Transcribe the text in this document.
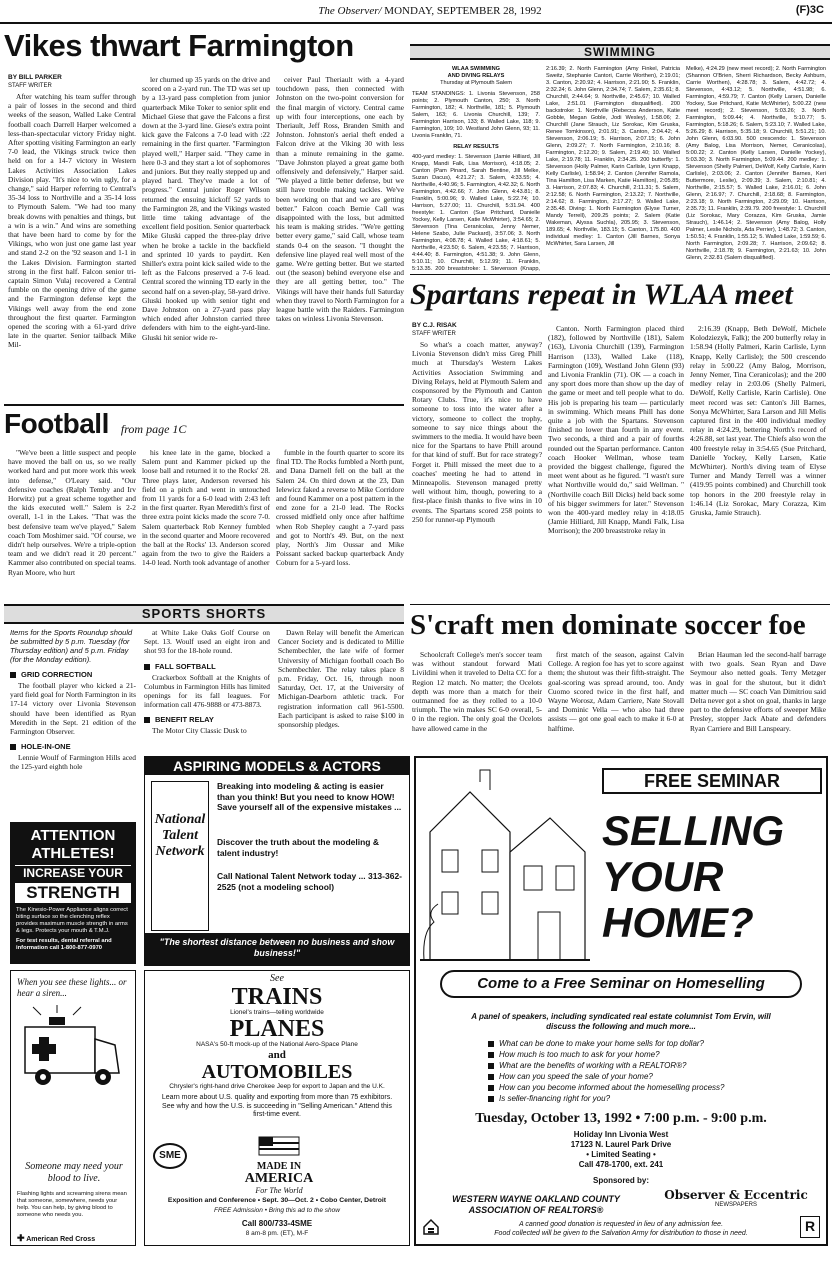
The Observer/ MONDAY, SEPTEMBER 28, 1992	(F)3C
Vikes thwart Farmington
BY BILL PARKER
STAFF WRITER
After watching his team suffer through a pair of losses in the second and third weeks of the season, Walled Lake Central football coach Darrell Harper welcomed a less-than-spectacular victory Friday night. After spotting visiting Farmington an early 7-0 lead, the Vikings struck twice then held on for a 14-7 victory in Western Lakes Activities Association Lakes Division play. "It's nice to win ugly, for a change," said Harper referring to Central's 35-34 loss to Northville and a 35-14 loss to Plymouth Salem. "We had too many break downs with penalties and things, but a win is a win." And wins are something that have been hard to come by for the Vikings, who won just one game last year and stand 2-2 on the '92 season and 1-1 in the Lakes Division. Farmington started strong in the first half. Falcon senior tri-captain Simon Vulaj recovered a Central fumble on the opening drive of the game and the Farmington defense kept the Vikings well away from the end zone throughout the first quarter. Farmington opened the scoring with a 61-yard drive late in the quarter. Senior tailback Mike Mil-
ler churned up 35 yards on the drive and scored on a 2-yard run. The TD was set up by a 13-yard pass completion from junior quarterback Mike Toker to senior split end Michael Giese that gave the Falcons a first down at the 3-yard line. Giese's extra point kick gave the Falcons a 7-0 lead with :22 remaining in the first quarter. "Farmington played well," Harper said. "They came in here 0-3 and they start a lot of sophomores and juniors. But they really stepped up and played hard. They've made a lot of progress." Central junior Roger Wilson returned the ensuing kickoff 52 yards to the Farmington 28, and the Vikings wasted little time taking advantage of the excellent field position. Senior quarterback Mike Gluski capped the three-play drive when he broke a tackle in the backfield and sprinted 10 yards to paydirt. Ken Shiller's extra point kick sailed wide to the left as the Falcons preserved a 7-6 lead. Central scored the winning TD early in the second half on a seven-play, 58-yard drive. Gluski hooked up with senior tight end Dave Johnston on a 27-yard pass play which ended after Johnston carried three defenders with him to the eight-yard-line. Gluski hit senior wide re-
ceiver Paul Theriault with a 4-yard touchdown pass, then connected with Johnston on the two-point conversion for the final margin of victory. Central came up with four interceptions, one each by Theriault, Jeff Ross, Branden Smith and Johnston. Johnston's aerial theft ended a Falcon drive at the Viking 30 with less than a minute remaining in the game. "Dave Johnston played a great game both offensively and defensively," Harper said. "We played a little better defense, but we still have trouble making tackles. We've been working on that and we are getting better." Falcon coach Bernie Call was disappointed with the loss, but admitted his team is making strides. "We're getting better every game," said Call, whose team stands 0-4 on the season. "I thought the defensive line played real well most of the game. We're getting better. But we started out (the season) behind everyone else and they are all getting better, too." The Vikings will have their hands full Saturday when they travel to North Farmington for a league battle with the Raiders. Farmington takes on winless Livonia Stevenson.
SWIMMING
WLAA SWIMMING
AND DIVING RELAYS
Thursday at Plymouth Salem
TEAM STANDINGS: 1. Livonia Stevenson, 258 points; 2. Plymouth Canton, 250; 3. North Farmington, 182; 4. Northville, 181; 5. Plymouth Salem, 163; 6. Livonia Churchill, 139; 7. Farmington Harrison, 133; 8. Walled Lake, 118; 9. Farmington, 109; 10. Westland John Glenn, 93; 11. Livonia Franklin, 71.
RELAY RESULTS
400-yard medley: 1. Stevenson (Jamie Hilliard, Jill Knapp, Mandi Falk, Lisa Morrison), 4:18.05; 2. Canton (Pam Pinard, Sarah Bentine, Jill Melke, Suzan Dacus), 4:21.27; 3. Salem, 4:33.55; 4. Northville, 4:40.96; 5. Farmington, 4:42.32; 6. North Farmington, 4:42.66; 7. John Glenn, 4:43.81; 8. Franklin, 5:00.96; 9. Walled Lake, 5:22.74; 10. Harrison, 5:27.00; 11. Churchill, 5:31.94. 400 freestyle: 1. Canton (Sue Pritchard, Danielle Yockey, Kelly Larsen, Katie McWhirter), 3:54.65; 2. Stevenson (Tina Ceranicolas, Jenny Nemer, Helene Szabo, Julie Packard), 3:57.06; 3. North Farmington, 4:08.78; 4. Walled Lake, 4:18.61; 5. Northville, 4:23.50; 6. Salem, 4:23.55; 7. Harrison, 4:44.40; 8. Farmington, 4:51.38; 9. John Glenn, 5:10.11; 10. Churchill, 5:12.99; 11. Franklin, 5:13.35. 200 breaststroke: 1. Stevenson (Knapp,
2:16.39; 2. North Farmington (Amy Finkel, Patricia Sweitz, Stephanie Cantori, Carrie Worthen), 2:19.01; 3. Canton, 2:20.92; 4. Harrison, 2:21.90; 5. Franklin, 2:32.24; 6. John Glenn, 2:34.74; 7. Salem, 2:35.61; 8. Churchill, 2:44.64; 9. Northville, 2:45.67; 10. Walled Lake, 2:51.01 (Farmington disqualified). 200 backstroke: 1. Northville (Rebecca Anderson, Katie Gobble, Megan Goble, Jodi Wesley), 1:58.06; 2. Churchill (Jane Strauch, Liz Sorokac, Kim Gruska, Renee Tomkinson), 2:01.91; 3. Canton, 2:04.42; 4. Stevenson, 2:06.19; 5. Harrison, 2:07.15; 6. John Glenn, 2:09.27; 7. North Farmington, 2:10.16; 8. Farmington, 2:12.20; 9. Salem, 2:19.40; 10. Walled Lake, 2:19.78; 11. Franklin, 2:34.25. 200 butterfly: 1. Stevenson (Holly Palmer, Karin Carlisle, Lynn Knapp, Kelly Carlisle), 1:58.94; 2. Canton (Jennifer Ramola, Tina Hamilton, Lisa Marken, Katie Hamilton), 2:05.85; 3. Harrison, 2:07.83; 4. Churchill, 2:11.31; 5. Salem, 2:12.58; 6. North Farmington, 2:13.22; 7. Northville, 2:14.62; 8. Farmington, 2:17.27; 9. Walled Lake, 2:35.48. Diving: 1. North Farmington (Elyse Turner, Mandy Terrell), 209.25 points; 2. Salem (Katie Wakeman, Alyssa Suchla), 205.95; 3. Stevenson, 189.65; 4. Northville, 183.15; 5. Canton, 175.80. 400 individual medley: 1. Canton (Jill Barnes, Sonya McWhirter, Sara Larsen, Jill
Melke), 4:24.29 (new meet record); 2. North Farmington (Shannon O'Brien, Sherri Richardson, Becky Ashburn, Carrie Worthen), 4:28.78; 3. Salem, 4:42.72; 4. Stevenson, 4:43.12; 5. Northville, 4:51.98; 6. Farmington, 4:59.79; 7. Canton (Kelly Larsen, Danielle Yockey, Sue Pritchard, Katie McWhirter), 5:00.22 (new meet record); 2. Stevenson, 5:03.26; 3. North Farmington, 5:09.44; 4. Northville, 5:10.77; 5. Farmington, 5:18.26; 6. Salem, 5:23.10; 7. Walled Lake, 5:26.29; 8. Harrison, 5:35.18; 9. Churchill, 5:51.21; 10. John Glenn, 6:03.90. 500 crescendo: 1. Stevenson (Amy Balog, Lisa Morrison, Nemer, Ceranicolas), 5:00.22; 2. Canton (Kelly Larsen, Danielle Yockey), 5:03.30; 3. North Farmington, 5:09.44. 200 medley: 1. Stevenson (Shelly Palmeri, DeWolf, Kelly Carlisle, Karin Carlisle), 2:03.06; 2. Canton (Jennifer Barnes, Keri Buttermore, Leslie), 2:09.39; 3. Salem, 2:10.81; 4. Northville, 2:15.57; 5. Walled Lake, 2:16.01; 6. John Glenn, 2:16.97; 7. Churchill, 2:18.68; 8. Farmington, 2:23.18; 9. North Farmington, 2:29.09; 10. Harrison, 2:35.73; 11. Franklin, 2:39.79. 200 freestyle: 1. Churchill (Liz Sorokac, Mary Corazza, Kim Gruska, Jamie Strauch), 1:46.14; 2. Stevenson (Amy Balog, Holly Palmer, Leslie Nichols, Ada Perrier), 1:48.72; 3. Canton, 1:50.51; 4. Franklin, 1:55.12; 5. Walled Lake, 1:59.59; 6. North Farmington, 2:09.28; 7. Harrison, 2:09.62; 8. Northville, 2:18.78; 9. Farmington, 2:21.63; 10. John Glenn, 2:32.81 (Salem disqualified).
Spartans repeat in WLAA meet
BY C.J. RISAK
STAFF WRITER
So what's a coach matter, anyway? Livonia Stevenson didn't miss Greg Phill much at Thursday's Western Lakes Activities Association Swimming and Diving Relays, held at Plymouth Salem and cosponsored by the Plymouth and Canton Rotary Clubs. True, it's nice to have someone to toss into the water after a victory, someone to collect the trophy, someone to say nice things about the swimmers to the media. It would have been nice for the Spartans to have Phill around for that kind of stuff. But for race strategy? Forget it. Phill missed the meet due to a coaches' meeting he had to attend in Minneapolis. Stevenson managed pretty well without him, though, powering to a first-place finish thanks to five wins in 10 events. The Spartans scored 258 points to 250 for runner-up Plymouth
Canton. North Farmington placed third (182), followed by Northville (181), Salem (163), Livonia Churchill (139), Farmington Harrison (133), Walled Lake (118), Farmington (109), Westland John Glenn (93) and Livonia Franklin (71). OK — a coach in any sport does more than show up the day of the game or meet and tell people what to do. His job is preparing his team — particularly in swimming. Which means Phill has done quite a job with the Spartans. Stevenson finished no lower than fourth in any event. Two seconds, a third and a pair of fourths rounded out the Spartan performance. Canton coach Hooker Wellman, whose team provided the biggest challenge, figured the meet went about as he figured. "I wasn't sure what Northville would do," said Wellman. "(Northville coach Bill Dicks) held back some of his bigger swimmers for later." Stevenson won the 400-yard medley relay in 4:18.05 (Jamie Hilliard, Jill Knapp, Mandi Falk, Lisa Morrison); the 200 breaststroke relay in
2:16.39 (Knapp, Beth DeWolf, Michele Kolodziezyk, Falk); the 200 butterfly relay in 1:58.94 (Holly Palmeri, Karin Carlisle, Lynn Knapp, Kelly Carlisle); the 500 crescendo relay in 5:00.22 (Amy Balog, Morrison, Jenny Nemer, Tina Ceranicolas); and the 200 medley relay in 2:03.06 (Shelly Palmeri, DeWolf, Kelly Carlisle, Karin Carlisle). One meet record was set: Canton's Jill Barnes, Sonya McWhirter, Sara Larson and Jill Melis captured first in the 400 individual medley relay in 4:24.29, bettering North's record of 4:26.88, set last year. The Chiefs also won the 400 freestyle relay in 3:54.65 (Sue Pritchard, Danielle Yockey, Kelly Larsen, Katie McWhirter). North's diving team of Elyse Turner and Mandy Terrell was a winner (419.95 points combined) and Churchill took top honors in the 200 freestyle relay in 1:46.14 (Liz Sorokac, Mary Corazza, Kim Gruska, Jamie Strauch).
Football from page 1C
"We've been a little suspect and people have moved the ball on us, so we really worked hard and put more work this week into defense," O'Leary said. "Our defensive coaches (Ralph Temby and Irv Horwitz) put a great scheme together and the kids executed well." Salem is 2-2 overall, 1-1 in the Lakes. "That was the best defensive team we've played," Salem coach Tom Moshimer said. "Of course, we didn't help ourselves. We're a triple-option team and we didn't read it 20 percent." Kammer also contributed on special teams. Ryan Moore, who hurt
his knee late in the game, blocked a Salem punt and Kammer picked up the loose ball and returned it to the Rocks' 28. Three plays later, Anderson reversed his field on a pitch and went in untouched from 11 yards for a 6-0 lead with 2:43 left in the first quarter. Ryan Meredith's first of three extra point kicks made the score 7-0. Salem quarterback Rob Kenney fumbled in the second quarter and Moore recovered the ball at the Rocks' 13. Anderson scored again from the two to give the Raiders a 14-0 lead. North took advantage of another
fumble in the fourth quarter to score its final TD. The Rocks fumbled a North punt, and Dana Darnell fell on the ball at the Salem 24. On third down at the 23, Dan Ielewicz faked a reverse to Mike Corridore and found Kammer on a post pattern in the end zone for a 21-0 lead. The Rocks crossed midfield only once after halftime when Rob Shepley caught a 7-yard pass and got to North's 49. But, on the next play, North's Jim Oussar and Mike Poissant sacked backup quarterback Andy Coburn for a 5-yard loss.
SPORTS SHORTS
Items for the Sports Roundup should be submitted by 5 p.m. Tuesday (for Thursday edition) and 5 p.m. Friday (for the Monday edition).
GRID CORRECTION
The football player who kicked a 21-yard field goal for North Farmington in its 17-14 victory over Livonia Stevenson should have been identified as Ryan Meredith in the Sept. 21 edition of the Farmington Observer.
HOLE-IN-ONE
Lennie Woulf of Farmington Hills aced the 125-yard eighth hole
at White Lake Oaks Golf Course on Sept. 13. Woulf used an eight iron and shot 93 for the 18-hole round.
FALL SOFTBALL
Crackerbox Softball at the Knights of Columbus in Farmington Hills has limited openings for its fall leagues. For information call 476-9888 or 473-8873.
BENEFIT RELAY
The Motor City Classic Dusk to
Dawn Relay will benefit the American Cancer Society and is dedicated to Millie Schembechler, the late wife of former University of Michigan football coach Bo Schembechler. The relay takes place 8 p.m. Friday, Oct. 16, through noon Saturday, Oct. 17, at the University of Michigan-Dearborn athletic track. For registration information call 961-5500. Each participant is asked to raise $100 in sponsorship pledges.
S'craft men dominate soccer foe
Schoolcraft College's men's soccer team was without standout forward Mati Livildini when it traveled to Delta CC for a Region 12 match. No matter; the Ocelots depth was more than a match for their outmanned foe as they rolled to a 10-0 triumph. The win makes SC 6-0 overall, 5-0 in the region. The only goal the Ocelots have allowed came in the
first match of the season, against Calvin College. A region foe has yet to score against them; the shutout was their fifth-straight. The goal-scoring was spread around, too. Andy Cuomo scored twice in the first half, and Wayne Worosz, Adam Carriere, Nate Stovall and Dominic Vella — who also had three assists — got one goal each to make it 6-0 at halftime.
Brian Hauman led the second-half barrage with two goals. Sean Ryan and Dave Seymour also netted goals. Terry Metzger was in goal for the shutout, but it didn't matter much — SC coach Van Dimitriou said Delta never got a shot on goal, thanks in large part to the defensive efforts of sweeper Mike Presley, stopper Jack Abate and defenders Ryan Carriere and Bill Lanspeary.
ATTENTION
ATHLETES!
INCREASE YOUR
STRENGTH
The Kinesio-Power Appliance aligns correct biting surface so the clenching reflex provides maximum muscle strength in arms & legs. Protects your mouth & T.M.J.
For test results, dental referral and information call 1-800-877-0970
When you see these lights... or hear a siren...
Someone may need your blood to live.
Flashing lights and screaming sirens mean that someone, somewhere, needs your help. You can help, by giving blood to someone who needs you.
✚ American Red Cross
ASPIRING MODELS & ACTORS
National Talent Network
Breaking into modeling & acting is easier than you think! But you need to know HOW! Save yourself all of the expensive mistakes ...
Discover the truth about the modeling & talent industry!
Call National Talent Network today ... 313-362-2525 (not a modeling school)
"The shortest distance between no business and show business!"
See
TRAINS
Lionel's trains—telling worldwide
PLANES
NASA's 50-ft mock-up of the National Aero-Space Plane
and
AUTOMOBILES
Chrysler's right-hand drive Cherokee Jeep for export to Japan and the U.K.
Learn more about U.S. quality and exporting from more than 75 exhibitors. See why and how the U.S. is succeeding in "Selling American." Attend this first-time event.
SME
MADE IN
AMERICA
For The World
Exposition and Conference • Sept. 30—Oct. 2 • Cobo Center, Detroit
FREE Admission • Bring this ad to the show
Call 800/733-4SME
8 am-8 pm. (ET), M-F
FREE SEMINAR
SELLING
YOUR
HOME?
Come to a Free Seminar on Homeselling
A panel of speakers, including syndicated real estate columnist Tom Ervin, will discuss the following and much more...
What can be done to make your home sells for top dollar?
How much is too much to ask for your home?
What are the benefits of working with a REALTOR®?
How can you speed the sale of your home?
How can you become informed about the homeselling process?
Is seller-financing right for you?
Tuesday, October 13, 1992 • 7:00 p.m. - 9:00 p.m.
Holiday Inn Livonia West
17123 N. Laurel Park Drive
• Limited Seating •
Call 478-1700, ext. 241
Sponsored by:
WESTERN WAYNE OAKLAND COUNTY
ASSOCIATION OF REALTORS®
Observer & Eccentric
NEWSPAPERS
R
A canned good donation is requested in lieu of any admission fee.
Food collected will be given to the Salvation Army for distribution to those in need.
